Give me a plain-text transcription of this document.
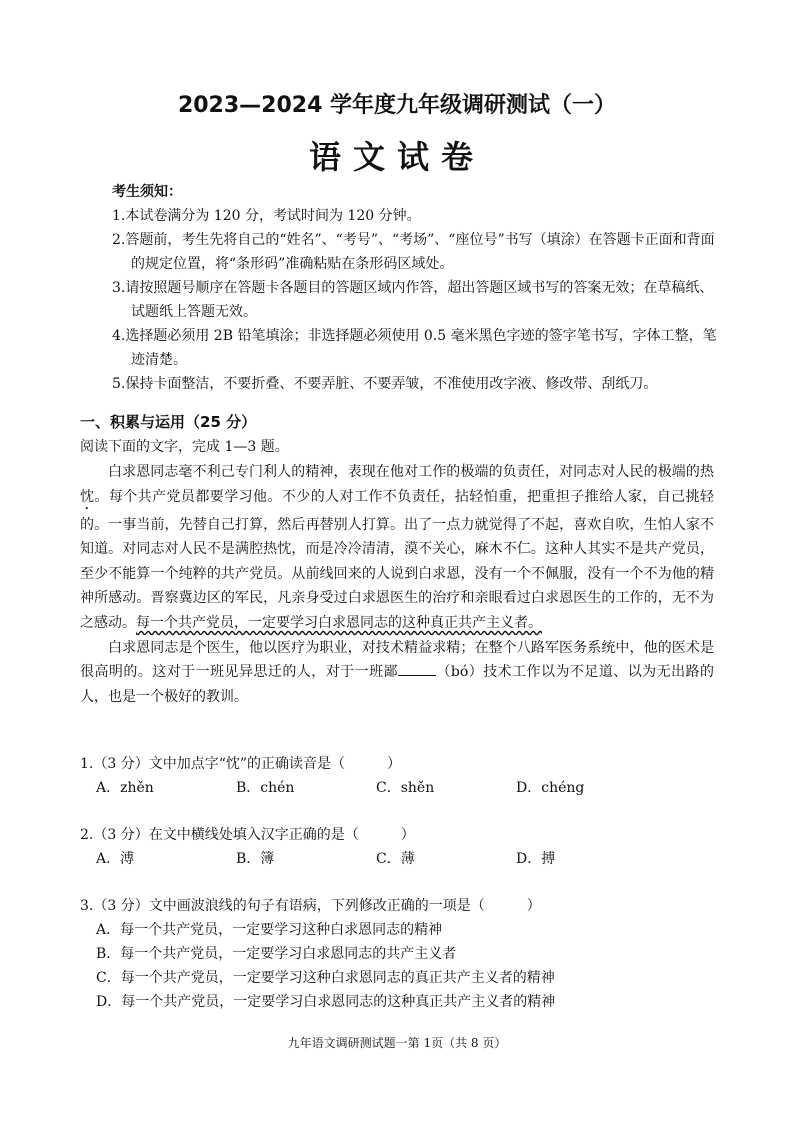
2023—2024 学年度九年级调研测试（一）
语文试卷
考生须知：
1.本试卷满分为 120 分，考试时间为 120 分钟。
2.答题前，考生先将自己的“姓名”、“考号”、“考场”、“座位号”书写（填涂）在答题卡正面和背面的规定位置，将“条形码”准确粘贴在条形码区域处。
3.请按照题号顺序在答题卡各题目的答题区域内作答，超出答题区域书写的答案无效；在草稿纸、试题纸上答题无效。
4.选择题必须用 2B 铅笔填涂；非选择题必须使用 0.5 毫米黑色字迹的签字笔书写，字体工整，笔迹清楚。
5.保持卡面整洁，不要折叠、不要弄脏、不要弄皱，不准使用改字液、修改带、刮纸刀。
一、积累与运用（25 分）
阅读下面的文字，完成 1—3 题。

白求恩同志毫不利己专门利人的精神，表现在他对工作的极端的负责任，对同志对人民的极端的热忱。每个共产党员都要学习他。不少的人对工作不负责任，拈轻怕重，把重担子推给人家，自己挑轻的。一事当前，先替自己打算，然后再替别人打算。出了一点力就觉得了不起，喜欢自吹，生怕人家不知道。对同志对人民不是满腔热忱，而是冷冷清清，漠不关心，麻木不仁。这种人其实不是共产党员，至少不能算一个纯粹的共产党员。从前线回来的人说到白求恩，没有一个不佩服，没有一个不为他的精神所感动。晋察冀边区的军民，凡亲身受过白求恩医生的治疗和亲眼看过白求恩医生的工作的，无不为之感动。每一个共产党员，一定要学习白求恩同志的这种真正共产主义者。

白求恩同志是个医生，他以医疗为职业，对技术精益求精；在整个八路军医务系统中，他的医术是很高明的。这对于一班见异思迁的人，对于一班鄙	（bó）技术工作以为不足道、以为无出路的人，也是一个极好的教训。

1.（3 分）文中加点字“忱”的正确读音是（　　　）
A．zhěn	B．chén	C．shěn	D．chéng
2.（3 分）在文中横线处填入汉字正确的是（　　　）
A．溥	B．簿	C．薄	D．搏
3.（3 分）文中画波浪线的句子有语病，下列修改正确的一项是（　　　）
A．每一个共产党员，一定要学习这种白求恩同志的精神
B．每一个共产党员，一定要学习白求恩同志的共产主义者
C．每一个共产党员，一定要学习这种白求恩同志的真正共产主义者的精神
D．每一个共产党员，一定要学习白求恩同志的这种真正共产主义者的精神
九年语文调研测试题一第 1页（共 8 页）
